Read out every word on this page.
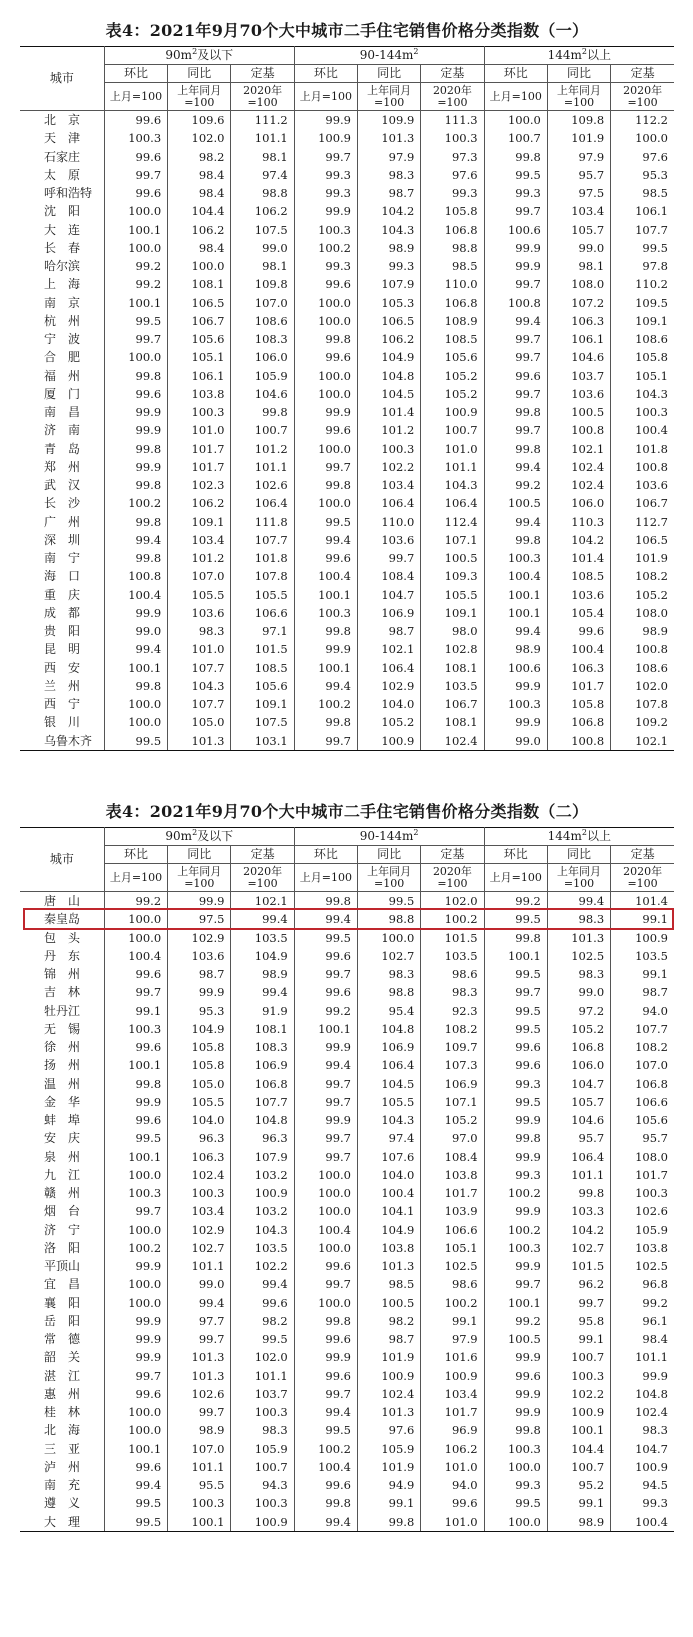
表4：2021年9月70个大中城市二手住宅销售价格分类指数（一）
城市	$90m^2$及以下			$90-144m^2$			$144m^2$以上		
	环比	同比	定基	环比	同比	定基	环比	同比	定基
	上月=100	上年同月 =100	2020年 =100	上月=100	上年同月 =100	2020年 =100	上月=100	上年同月 =100	2020年 =100
北　京	99.6	109.6	111.2	99.9	109.9	111.3	100.0	109.8	112.2
天　津	100.3	102.0	101.1	100.9	101.3	100.3	100.7	101.9	100.0
石家庄	99.6	98.2	98.1	99.7	97.9	97.3	99.8	97.9	97.6
太　原	99.7	98.4	97.4	99.3	98.3	97.6	99.5	95.7	95.3
呼和浩特	99.6	98.4	98.8	99.3	98.7	99.3	99.3	97.5	98.5
沈　阳	100.0	104.4	106.2	99.9	104.2	105.8	99.7	103.4	106.1
大　连	100.1	106.2	107.5	100.3	104.3	106.8	100.6	105.7	107.7
长　春	100.0	98.4	99.0	100.2	98.9	98.8	99.9	99.0	99.5
哈尔滨	99.2	100.0	98.1	99.3	99.3	98.5	99.9	98.1	97.8
上　海	99.2	108.1	109.8	99.6	107.9	110.0	99.7	108.0	110.2
南　京	100.1	106.5	107.0	100.0	105.3	106.8	100.8	107.2	109.5
杭　州	99.5	106.7	108.6	100.0	106.5	108.9	99.4	106.3	109.1
宁　波	99.7	105.6	108.3	99.8	106.2	108.5	99.7	106.1	108.6
合　肥	100.0	105.1	106.0	99.6	104.9	105.6	99.7	104.6	105.8
福　州	99.8	106.1	105.9	100.0	104.8	105.2	99.6	103.7	105.1
厦　门	99.6	103.8	104.6	100.0	104.5	105.2	99.7	103.6	104.3
南　昌	99.9	100.3	99.8	99.9	101.4	100.9	99.8	100.5	100.3
济　南	99.9	101.0	100.7	99.6	101.2	100.7	99.7	100.8	100.4
青　岛	99.8	101.7	101.2	100.0	100.3	101.0	99.8	102.1	101.8
郑　州	99.9	101.7	101.1	99.7	102.2	101.1	99.4	102.4	100.8
武　汉	99.8	102.3	102.6	99.8	103.4	104.3	99.2	102.4	103.6
长　沙	100.2	106.2	106.4	100.0	106.4	106.4	100.5	106.0	106.7
广　州	99.8	109.1	111.8	99.5	110.0	112.4	99.4	110.3	112.7
深　圳	99.4	103.4	107.7	99.4	103.6	107.1	99.8	104.2	106.5
南　宁	99.8	101.2	101.8	99.6	99.7	100.5	100.3	101.4	101.9
海　口	100.8	107.0	107.8	100.4	108.4	109.3	100.4	108.5	108.2
重　庆	100.4	105.5	105.5	100.1	104.7	105.5	100.1	103.6	105.2
成　都	99.9	103.6	106.6	100.3	106.9	109.1	100.1	105.4	108.0
贵　阳	99.0	98.3	97.1	99.8	98.7	98.0	99.4	99.6	98.9
昆　明	99.4	101.0	101.5	99.9	102.1	102.8	98.9	100.4	100.8
西　安	100.1	107.7	108.5	100.1	106.4	108.1	100.6	106.3	108.6
兰　州	99.8	104.3	105.6	99.4	102.9	103.5	99.9	101.7	102.0
西　宁	100.0	107.7	109.1	100.2	104.0	106.7	100.3	105.8	107.8
银　川	100.0	105.0	107.5	99.8	105.2	108.1	99.9	106.8	109.2
乌鲁木齐	99.5	101.3	103.1	99.7	100.9	102.4	99.0	100.8	102.1
表4：2021年9月70个大中城市二手住宅销售价格分类指数（二）
城市	$90m^2$及以下			$90-144m^2$			$144m^2$以上		
	环比	同比	定基	环比	同比	定基	环比	同比	定基
	上月=100	上年同月 =100	2020年 =100	上月=100	上年同月 =100	2020年 =100	上月=100	上年同月 =100	2020年 =100
唐　山	99.2	99.9	102.1	99.8	99.5	102.0	99.2	99.4	101.4
秦皇岛	100.0	97.5	99.4	99.4	98.8	100.2	99.5	98.3	99.1
包　头	100.0	102.9	103.5	99.5	100.0	101.5	99.8	101.3	100.9
丹　东	100.4	103.6	104.9	99.6	102.7	103.5	100.1	102.5	103.5
锦　州	99.6	98.7	98.9	99.7	98.3	98.6	99.5	98.3	99.1
吉　林	99.7	99.9	99.4	99.6	98.8	98.3	99.7	99.0	98.7
牡丹江	99.1	95.3	91.9	99.2	95.4	92.3	99.5	97.2	94.0
无　锡	100.3	104.9	108.1	100.1	104.8	108.2	99.5	105.2	107.7
徐　州	99.6	105.8	108.3	99.9	106.9	109.7	99.6	106.8	108.2
扬　州	100.1	105.8	106.9	99.4	106.4	107.3	99.6	106.0	107.0
温　州	99.8	105.0	106.8	99.7	104.5	106.9	99.3	104.7	106.8
金　华	99.9	105.5	107.7	99.7	105.5	107.1	99.5	105.7	106.6
蚌　埠	99.6	104.0	104.8	99.9	104.3	105.2	99.9	104.6	105.6
安　庆	99.5	96.3	96.3	99.7	97.4	97.0	99.8	95.7	95.7
泉　州	100.1	106.3	107.9	99.7	107.6	108.4	99.9	106.4	108.0
九　江	100.0	102.4	103.2	100.0	104.0	103.8	99.3	101.1	101.7
赣　州	100.3	100.3	100.9	100.0	100.4	101.7	100.2	99.8	100.3
烟　台	99.7	103.4	103.2	100.0	104.1	103.9	99.9	103.3	102.6
济　宁	100.0	102.9	104.3	100.4	104.9	106.6	100.2	104.2	105.9
洛　阳	100.2	102.7	103.5	100.0	103.8	105.1	100.3	102.7	103.8
平顶山	99.9	101.1	102.2	99.6	101.3	102.5	99.9	101.5	102.5
宜　昌	100.0	99.0	99.4	99.7	98.5	98.6	99.7	96.2	96.8
襄　阳	100.0	99.4	99.6	100.0	100.5	100.2	100.1	99.7	99.2
岳　阳	99.9	97.7	98.2	99.8	98.2	99.1	99.2	95.8	96.1
常　德	99.9	99.7	99.5	99.6	98.7	97.9	100.5	99.1	98.4
韶　关	99.9	101.3	102.0	99.9	101.9	101.6	99.9	100.7	101.1
湛　江	99.7	101.3	101.1	99.6	100.9	100.9	99.6	100.3	99.9
惠　州	99.6	102.6	103.7	99.7	102.4	103.4	99.9	102.2	104.8
桂　林	100.0	99.7	100.3	99.4	101.3	101.7	99.9	100.9	102.4
北　海	100.0	98.9	98.3	99.5	97.6	96.9	99.8	100.1	98.3
三　亚	100.1	107.0	105.9	100.2	105.9	106.2	100.3	104.4	104.7
泸　州	99.6	101.1	100.7	100.4	101.9	101.0	100.0	100.7	100.9
南　充	99.4	95.5	94.3	99.6	94.9	94.0	99.3	95.2	94.5
遵　义	99.5	100.3	100.3	99.8	99.1	99.6	99.5	99.1	99.3
大　理	99.5	100.1	100.9	99.4	99.8	101.0	100.0	98.9	100.4
